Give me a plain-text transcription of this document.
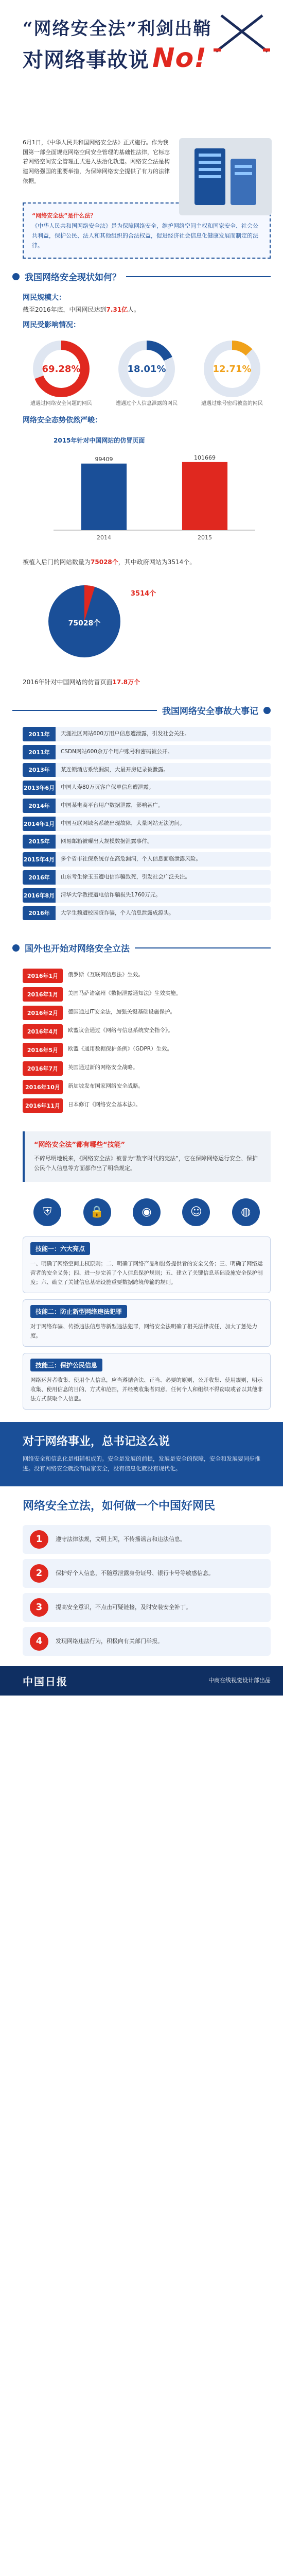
“网络安全法”利剑出鞘
对网络事故说 No!
6月1日，《中华人民共和国网络安全法》正式施行。作为我国第一部全面规范网络空间安全管理的基础性法律，它标志着网络空间安全管理正式进入法治化轨道。网络安全法是构建网络强国的重要举措，为保障网络安全提供了有力的法律依据。
“网络安全法”是什么法？
《中华人民共和国网络安全法》是为保障网络安全，维护网络空间主权和国家安全、社会公共利益，保护公民、法人和其他组织的合法权益，促进经济社会信息化健康发展而制定的法律。
我国网络安全现状如何？
网民规模大：
截至2016年底，中国网民达到7.31亿人。
网民受影响情况：
69.28%
遭遇过网络安全问题的网民
18.01%
遭遇过个人信息泄露的网民
12.71%
遭遇过账号密码被盗的网民
网络安全态势依然严峻：
2015年针对中国网站的仿冒页面
99409
2014
101669
2015
被植入后门的网站数量为75028个，其中政府网站为3514个。
75028个
3514个
2016年针对中国网站的仿冒页面17.8万个
我国网络安全事故大事记
2011年	天涯社区网站600万用户信息遭泄露，引发社会关注。
2011年	CSDN网站600余万个用户账号和密码被公开。
2013年	某连锁酒店系统漏洞，大量开房记录被泄露。
2013年6月	中国人寿80万页客户保单信息遭泄露。
2014年	中国某电商平台用户数据泄露，影响甚广。
2014年1月	中国互联网域名系统出现故障，大量网站无法访问。
2015年	网易邮箱被曝出大规模数据泄露事件。
2015年4月	多个省市社保系统存在高危漏洞，个人信息面临泄露风险。
2016年	山东考生徐玉玉遭电信诈骗致死，引发社会广泛关注。
2016年8月	清华大学教授遭电信诈骗损失1760万元。
2016年	大学生频遭校园贷诈骗，个人信息泄露成源头。
国外也开始对网络安全立法
2016年1月	俄罗斯《互联网信息法》生效。
2016年1月	美国马萨诸塞州《数据泄露通知法》生效实施。
2016年2月	德国通过IT安全法，加强关键基础设施保护。
2016年4月	欧盟议会通过《网络与信息系统安全指令》。
2016年5月	欧盟《通用数据保护条例》（GDPR）生效。
2016年7月	英国通过新的网络安全战略。
2016年10月	新加坡发布国家网络安全战略。
2016年11月	日本修订《网络安全基本法》。
“网络安全法”都有哪些“技能”
不碎尽明地说来，《网络安全法》被誉为“数字时代的宪法”，它在保障网络运行安全、保护公民个人信息等方面都作出了明确规定。
⛨	🔒	◉	☺	◍
技能一：六大亮点
一、明确了网络空间主权原则；二、明确了网络产品和服务提供者的安全义务；三、明确了网络运营者的安全义务；四、进一步完善了个人信息保护规则；五、建立了关键信息基础设施安全保护制度；六、确立了关键信息基础设施重要数据跨境传输的规则。
技能二：防止新型网络违法犯罪
对于网络诈骗、传播违法信息等新型违法犯罪，网络安全法明确了相关法律责任，加大了惩处力度。
技能三：保护公民信息
网络运营者收集、使用个人信息，应当遵循合法、正当、必要的原则，公开收集、使用规则，明示收集、使用信息的目的、方式和范围，并经被收集者同意。任何个人和组织不得窃取或者以其他非法方式获取个人信息。
对于网络事业，总书记这么说
网络安全和信息化是相辅相成的。安全是发展的前提，发展是安全的保障，安全和发展要同步推进。没有网络安全就没有国家安全，没有信息化就没有现代化。
网络安全立法，如何做一个中国好网民
1	遵守法律法规，文明上网，不传播谣言和违法信息。
2	保护好个人信息，不随意泄露身份证号、银行卡号等敏感信息。
3	提高安全意识，不点击可疑链接，及时安装安全补丁。
4	发现网络违法行为，积极向有关部门举报。
中国日报	中商在线视觉设计部出品
